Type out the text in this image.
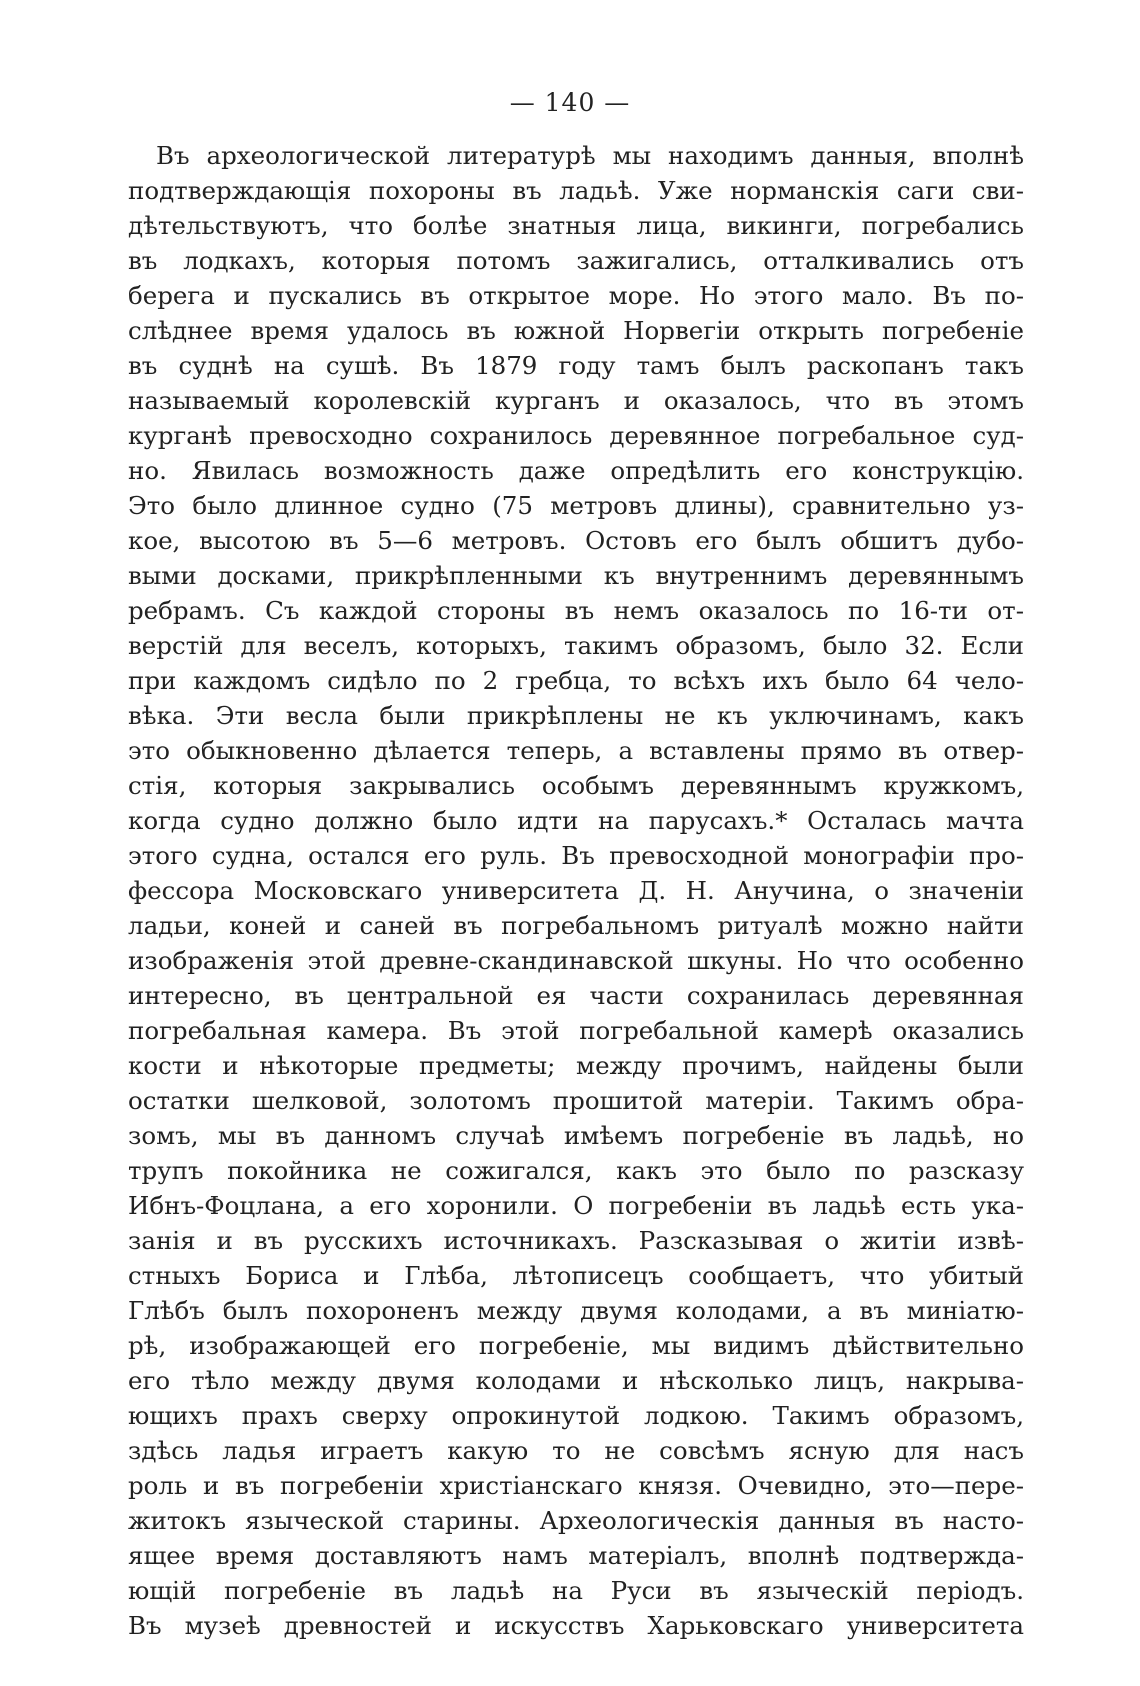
— 140 —
Въ археологической литературѣ мы находимъ данныя, вполнѣ
подтверждающія похороны въ ладьѣ. Уже норманскія саги сви-
дѣтельствуютъ, что болѣе знатныя лица, викинги, погребались
въ лодкахъ, которыя потомъ зажигались, отталкивались отъ
берега и пускались въ открытое море. Но этого мало. Въ по-
слѣднее время удалось въ южной Норвегіи открыть погребеніе
въ суднѣ на сушѣ. Въ 1879 году тамъ былъ раскопанъ такъ
называемый королевскій курганъ и оказалось, что въ этомъ
курганѣ превосходно сохранилось деревянное погребальное суд-
но. Явилась возможность даже опредѣлить его конструкцію.
Это было длинное судно (75 метровъ длины), сравнительно уз-
кое, высотою въ 5—6 метровъ. Остовъ его былъ обшитъ дубо-
выми досками, прикрѣпленными къ внутреннимъ деревяннымъ
ребрамъ. Съ каждой стороны въ немъ оказалось по 16-ти от-
верстій для веселъ, которыхъ, такимъ образомъ, было 32. Если
при каждомъ сидѣло по 2 гребца, то всѣхъ ихъ было 64 чело-
вѣка. Эти весла были прикрѣплены не къ уключинамъ, какъ
это обыкновенно дѣлается теперь, а вставлены прямо въ отвер-
стія, которыя закрывались особымъ деревяннымъ кружкомъ,
когда судно должно было идти на парусахъ.* Осталась мачта
этого судна, остался его руль. Въ превосходной монографіи про-
фессора Московскаго университета Д. Н. Анучина, о значеніи
ладьи, коней и саней въ погребальномъ ритуалѣ можно найти
изображенія этой древне-скандинавской шкуны. Но что особенно
интересно, въ центральной ея части сохранилась деревянная
погребальная камера. Въ этой погребальной камерѣ оказались
кости и нѣкоторые предметы; между прочимъ, найдены были
остатки шелковой, золотомъ прошитой матеріи. Такимъ обра-
зомъ, мы въ данномъ случаѣ имѣемъ погребеніе въ ладьѣ, но
трупъ покойника не сожигался, какъ это было по разсказу
Ибнъ-Фоцлана, а его хоронили. О погребеніи въ ладьѣ есть ука-
занія и въ русскихъ источникахъ. Разсказывая о житіи извѣ-
стныхъ Бориса и Глѣба, лѣтописецъ сообщаетъ, что убитый
Глѣбъ былъ похороненъ между двумя колодами, а въ миніатю-
рѣ, изображающей его погребеніе, мы видимъ дѣйствительно
его тѣло между двумя колодами и нѣсколько лицъ, накрыва-
ющихъ прахъ сверху опрокинутой лодкою. Такимъ образомъ,
здѣсь ладья играетъ какую то не совсѣмъ ясную для насъ
роль и въ погребеніи христіанскаго князя. Очевидно, это—пере-
житокъ языческой старины. Археологическія данныя въ насто-
ящее время доставляютъ намъ матеріалъ, вполнѣ подтвержда-
ющій погребеніе въ ладьѣ на Руси въ языческій періодъ.
Въ музеѣ древностей и искусствъ Харьковскаго университета
